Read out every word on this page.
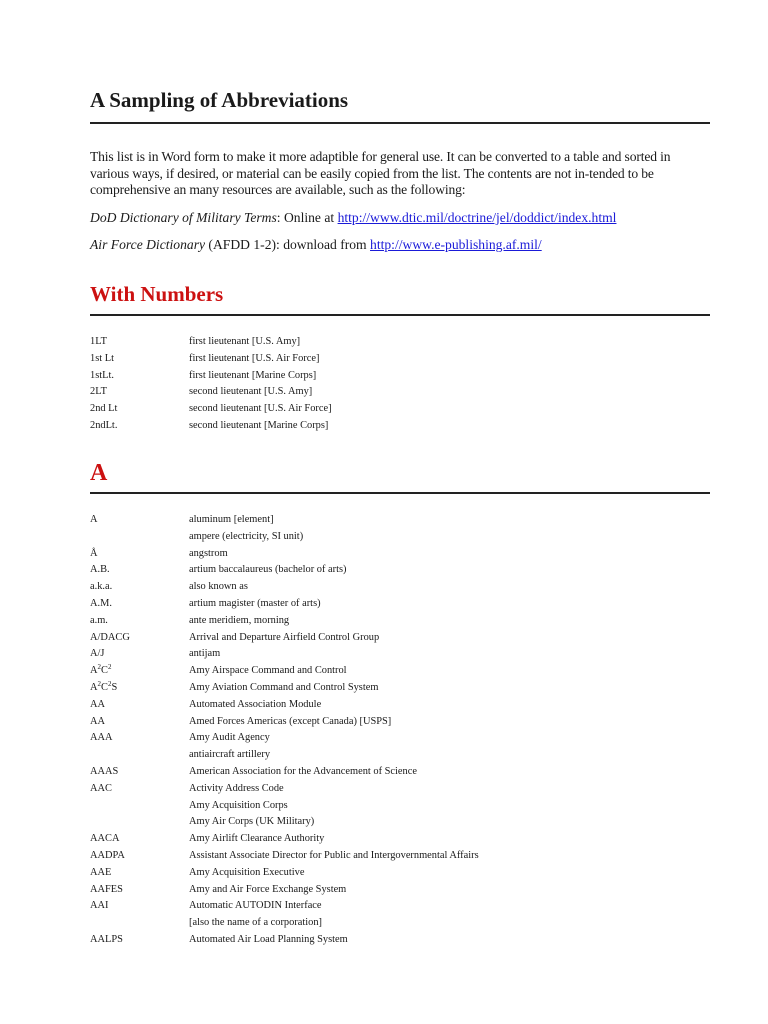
A Sampling of Abbreviations
This list is in Word form to make it more adaptible for general use. It can be converted to a table and sorted in various ways, if desired, or material can be easily copied from the list. The contents are not in-tended to be comprehensive an many resources are available, such as the following:
DoD Dictionary of Military Terms: Online at http://www.dtic.mil/doctrine/jel/doddict/index.html
Air Force Dictionary (AFDD 1-2): download from http://www.e-publishing.af.mil/
With Numbers
1LT	first lieutenant [U.S. Amy]
1st Lt	first lieutenant [U.S. Air Force]
1stLt.	first lieutenant [Marine Corps]
2LT	second lieutenant [U.S. Amy]
2nd Lt	second lieutenant [U.S. Air Force]
2ndLt.	second lieutenant [Marine Corps]
A
A	aluminum [element]
ampere (electricity, SI unit)
Å	angstrom
A.B.	artium baccalaureus (bachelor of arts)
a.k.a.	also known as
A.M.	artium magister (master of arts)
a.m.	ante meridiem, morning
A/DACG	Arrival and Departure Airfield Control Group
A/J	antijam
$A^2C^2$	Amy Airspace Command and Control
$A^2C^2S$	Amy Aviation Command and Control System
AA	Automated Association Module
AA	Amed Forces Americas (except Canada) [USPS]
AAA	Amy Audit Agency
antiaircraft artillery
AAAS	American Association for the Advancement of Science
AAC	Activity Address Code
Amy Acquisition Corps
Amy Air Corps (UK Military)
AACA	Amy Airlift Clearance Authority
AADPA	Assistant Associate Director for Public and Intergovernmental Affairs
AAE	Amy Acquisition Executive
AAFES	Amy and Air Force Exchange System
AAI	Automatic AUTODIN Interface
[also the name of a corporation]
AALPS	Automated Air Load Planning System
